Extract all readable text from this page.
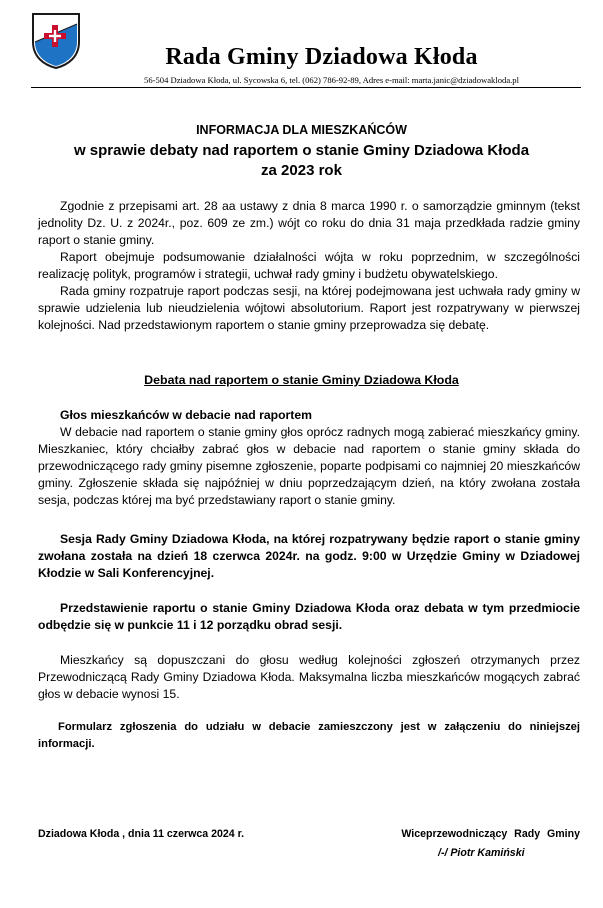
Rada Gminy Dziadowa Kłoda
56-504 Dziadowa Kłoda, ul. Sycowska 6, tel. (062) 786-92-89, Adres e-mail: marta.janic@dziadowakloda.pl
INFORMACJA DLA MIESZKAŃCÓW
w sprawie debaty nad raportem o stanie Gminy Dziadowa Kłoda
za 2023 rok

Zgodnie z przepisami art. 28 aa ustawy z dnia 8 marca 1990 r. o samorządzie gminnym (tekst jednolity Dz. U. z 2024r., poz. 609 ze zm.) wójt co roku do dnia 31 maja przedkłada radzie gminy raport o stanie gminy.

Raport obejmuje podsumowanie działalności wójta w roku poprzednim, w szczególności realizację polityk, programów i strategii, uchwał rady gminy i budżetu obywatelskiego.

Rada gminy rozpatruje raport podczas sesji, na której podejmowana jest uchwała rady gminy w sprawie udzielenia lub nieudzielenia wójtowi absolutorium. Raport jest rozpatrywany w pierwszej kolejności. Nad przedstawionym raportem o stanie gminy przeprowadza się debatę.

Debata nad raportem o stanie Gminy Dziadowa Kłoda

Głos mieszkańców w debacie nad raportem

W debacie nad raportem o stanie gminy głos oprócz radnych mogą zabierać mieszkańcy gminy. Mieszkaniec, który chciałby zabrać głos w debacie nad raportem o stanie gminy składa do przewodniczącego rady gminy pisemne zgłoszenie, poparte podpisami co najmniej 20 mieszkańców gminy. Zgłoszenie składa się najpóźniej w dniu poprzedzającym dzień, na który zwołana została sesja, podczas której ma być przedstawiany raport o stanie gminy.

Sesja Rady Gminy Dziadowa Kłoda, na której rozpatrywany będzie raport o stanie gminy zwołana została na dzień 18 czerwca 2024r. na godz. 9:00 w Urzędzie Gminy w Dziadowej Kłodzie w Sali Konferencyjnej.

Przedstawienie raportu o stanie Gminy Dziadowa Kłoda oraz debata w tym przedmiocie odbędzie się w punkcie 11 i 12 porządku obrad sesji.

Mieszkańcy są dopuszczani do głosu według kolejności zgłoszeń otrzymanych przez Przewodniczącą Rady Gminy Dziadowa Kłoda. Maksymalna liczba mieszkańców mogących zabrać głos w debacie wynosi 15.

Formularz zgłoszenia do udziału w debacie zamieszczony jest w załączeniu do niniejszej informacji.

Dziadowa Kłoda , dnia 11 czerwca 2024 r.	Wiceprzewodniczący Rady Gminy
/-/ Piotr Kamiński
